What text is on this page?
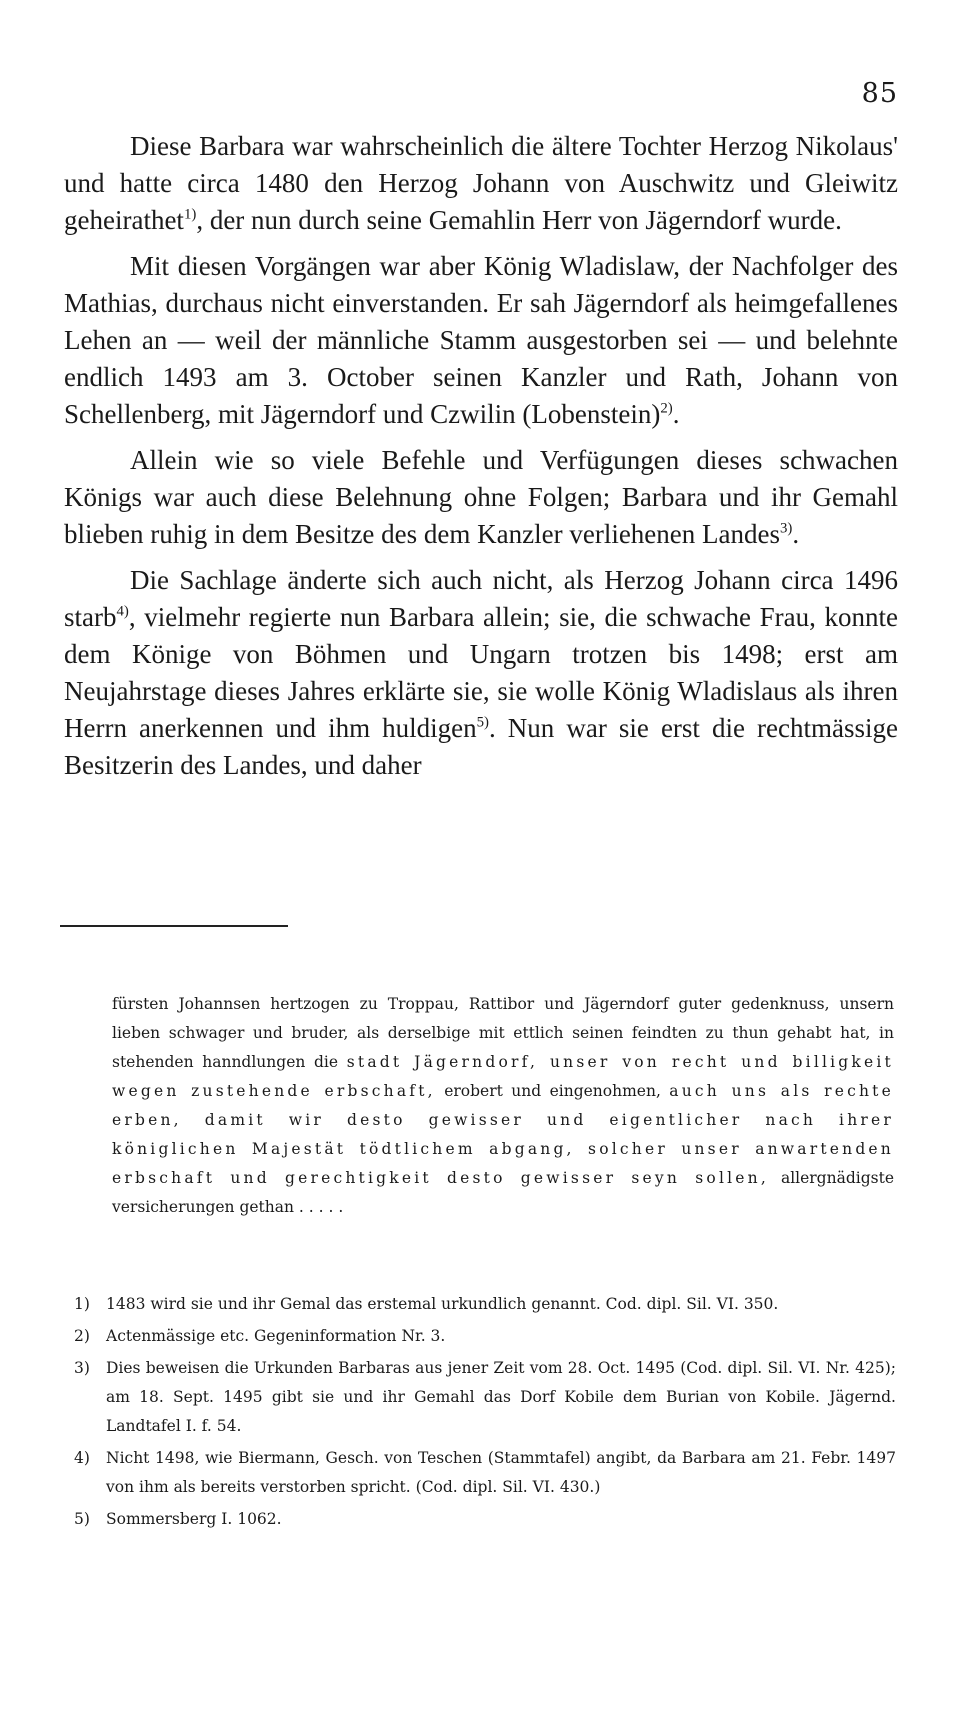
85

Diese Barbara war wahrscheinlich die ältere Tochter Herzog Nikolaus' und hatte circa 1480 den Herzog Johann von Auschwitz und Gleiwitz geheirathet$^{1)}$, der nun durch seine Gemahlin Herr von Jägerndorf wurde.

Mit diesen Vorgängen war aber König Wladislaw, der Nachfolger des Mathias, durchaus nicht einverstanden. Er sah Jägerndorf als heimgefallenes Lehen an — weil der männliche Stamm ausgestorben sei — und belehnte endlich 1493 am 3. October seinen Kanzler und Rath, Johann von Schellenberg, mit Jägerndorf und Czwilin (Lobenstein)$^{2)}$.

Allein wie so viele Befehle und Verfügungen dieses schwachen Königs war auch diese Belehnung ohne Folgen; Barbara und ihr Gemahl blieben ruhig in dem Besitze des dem Kanzler verliehenen Landes$^{3)}$.

Die Sachlage änderte sich auch nicht, als Herzog Johann circa 1496 starb$^{4)}$, vielmehr regierte nun Barbara allein; sie, die schwache Frau, konnte dem Könige von Böhmen und Ungarn trotzen bis 1498; erst am Neujahrstage dieses Jahres erklärte sie, sie wolle König Wladislaus als ihren Herrn anerkennen und ihm huldigen$^{5)}$. Nun war sie erst die rechtmässige Besitzerin des Landes, und daher

fürsten Johannsen hertzogen zu Troppau, Rattibor und Jägerndorf guter gedenknuss, unsern lieben schwager und bruder, als derselbige mit ettlich seinen feindten zu thun gehabt hat, in stehenden hanndlungen die stadt Jägerndorf, unser von recht und billigkeit wegen zustehende erbschaft, erobert und eingenohmen, auch uns als rechte erben, damit wir desto gewisser und eigentlicher nach ihrer königlichen Majestät tödtlichem abgang, solcher unser anwartenden erbschaft und gerechtigkeit desto gewisser seyn sollen, allergnädigste versicherungen gethan . . . . .
1)	1483 wird sie und ihr Gemal das erstemal urkundlich genannt. Cod. dipl. Sil. VI. 350.
2)	Actenmässige etc. Gegeninformation Nr. 3.
3)	Dies beweisen die Urkunden Barbaras aus jener Zeit vom 28. Oct. 1495 (Cod. dipl. Sil. VI. Nr. 425); am 18. Sept. 1495 gibt sie und ihr Gemahl das Dorf Kobile dem Burian von Kobile. Jägernd. Landtafel I. f. 54.
4)	Nicht 1498, wie Biermann, Gesch. von Teschen (Stammtafel) angibt, da Barbara am 21. Febr. 1497 von ihm als bereits verstorben spricht. (Cod. dipl. Sil. VI. 430.)
5)	Sommersberg I. 1062.
